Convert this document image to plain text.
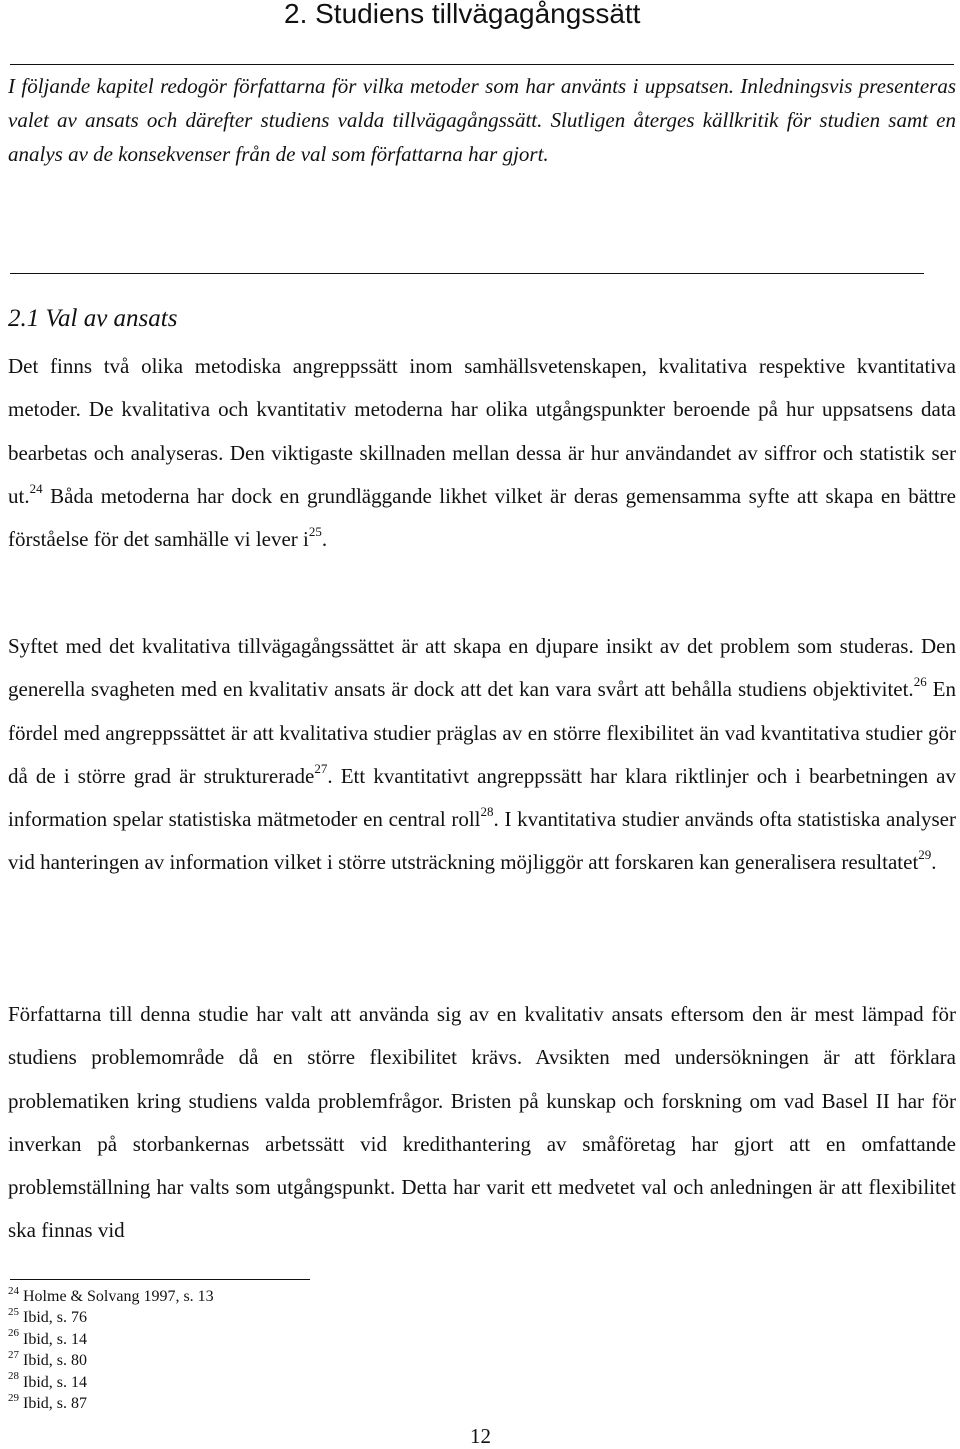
2. Studiens tillvägagångssätt

I följande kapitel redogör författarna för vilka metoder som har använts i uppsatsen. Inledningsvis presenteras valet av ansats och därefter studiens valda tillvägagångssätt. Slutligen återges källkritik för studien samt en analys av de konsekvenser från de val som författarna har gjort.

2.1 Val av ansats

Det finns två olika metodiska angreppssätt inom samhällsvetenskapen, kvalitativa respektive kvantitativa metoder. De kvalitativa och kvantitativ metoderna har olika utgångspunkter beroende på hur uppsatsens data bearbetas och analyseras. Den viktigaste skillnaden mellan dessa är hur användandet av siffror och statistik ser ut.$^{24}$ Båda metoderna har dock en grundläggande likhet vilket är deras gemensamma syfte att skapa en bättre förståelse för det samhälle vi lever $i^{25}$.

Syftet med det kvalitativa tillvägagångssättet är att skapa en djupare insikt av det problem som studeras. Den generella svagheten med en kvalitativ ansats är dock att det kan vara svårt att behålla studiens objektivitet.$^{26}$ En fördel med angreppssättet är att kvalitativa studier präglas av en större flexibilitet än vad kvantitativa studier gör då de i större grad är strukturerade$^{27}$. Ett kvantitativt angreppssätt har klara riktlinjer och i bearbetningen av information spelar statistiska mätmetoder en central roll$^{28}$. I kvantitativa studier används ofta statistiska analyser vid hanteringen av information vilket i större utsträckning möjliggör att forskaren kan generalisera resultatet$^{29}$.

Författarna till denna studie har valt att använda sig av en kvalitativ ansats eftersom den är mest lämpad för studiens problemområde då en större flexibilitet krävs. Avsikten med undersökningen är att förklara problematiken kring studiens valda problemfrågor. Bristen på kunskap och forskning om vad Basel II har för inverkan på storbankernas arbetssätt vid kredithantering av småföretag har gjort att en omfattande problemställning har valts som utgångspunkt. Detta har varit ett medvetet val och anledningen är att flexibilitet ska finnas vid

$^{24}$ Holme & Solvang 1997, s. 13
$^{25}$ Ibid, s. 76
$^{26}$ Ibid, s. 14
$^{27}$ Ibid, s. 80
$^{28}$ Ibid, s. 14
$^{29}$ Ibid, s. 87

12
